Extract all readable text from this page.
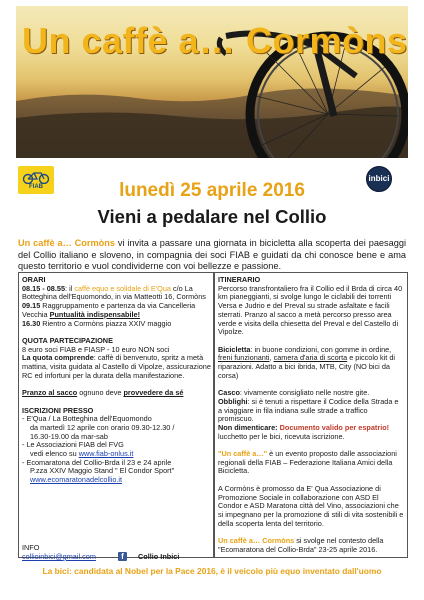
Un caffè a… Cormòns
FIAB	lunedì 25 aprile 2016
inbici
Vieni a pedalare nel Collio
Un caffè a… Cormòns vi invita a passare una giornata in bicicletta alla scoperta dei paesaggi del Collio italiano e sloveno, in compagnia dei soci FIAB e guidati da chi conosce bene e ama questo territorio e vuol condividerne con voi bellezze e passione.

ORARI

08.15 - 08.55: il caffè equo e solidale di E'Qua c/o La Botteghina dell'Equomondo, in via Matteotti 16, Cormòns

09.15 Raggruppamento e partenza da via Cancelleria Vecchia Puntualità indispensabile!

16.30 Rientro a Cormòns piazza XXIV maggio

QUOTA PARTECIPAZIONE

8 euro soci FIAB e FIASP - 10 euro NON soci

La quota comprende: caffè di benvenuto, spritz a metà mattina, visita guidata al Castello di Vipolze, assicurazione RC ed infortuni per la durata della manifestazione.

Pranzo al sacco ognuno deve provvedere da sé

ISCRIZIONI PRESSO

- E'Qua / La Botteghina dell'Equomondo

da martedì 12 aprile con orario 09.30-12.30 /

16.30-19.00 da mar-sab

- Le Associazioni FIAB del FVG

vedi elenco su www.fiab-onlus.it

- Ecomaratona del Collio-Brda il 23 e 24 aprile

P.zza XXIV Maggio Stand " El Condor Sport"

www.ecomaratonadelcollio.it

INFO
collioinbici@gmail.com	f	Collio Inbici

ITINERARIO

Percorso transfrontaliero fra il Collio ed il Brda di circa 40 km pianeggianti, si svolge lungo le ciclabili dei torrenti Versa e Judrio e del Preval su strade asfaltate e facili sterrati. Pranzo al sacco a metà percorso presso area verde e visita della chiesetta del Preval e del Castello di Vipolze.

Bicicletta: in buone condizioni, con gomme in ordine, freni funzionanti, camera d'aria di scorta e piccolo kit di riparazioni. Adatto a bici ibrida, MTB, City (NO bici da corsa)

Casco: vivamente consigliato nelle nostre gite.

Obblighi: si è tenuti a rispettare il Codice della Strada e a viaggiare in fila indiana sulle strade a traffico promiscuo.

Non dimenticare: Documento valido per espatrio! lucchetto per le bici, ricevuta iscrizione.

"Un caffè a…" è un evento proposto dalle associazioni regionali della FIAB – Federazione Italiana Amici della Bicicletta.

A Cormòns è promosso da E' Qua Associazione di Promozione Sociale in collaborazione con ASD El Condor e ASD Maratona città del Vino, associazioni che si impegnano per la promozione di stili di vita sostenibili e della scoperta lenta del territorio.

Un caffè a… Cormòns si svolge nel contesto della "Ecomaratona del Collio-Brda" 23-25 aprile 2016.

La bici: candidata al Nobel per la Pace 2016, è il veicolo più equo inventato dall'uomo
